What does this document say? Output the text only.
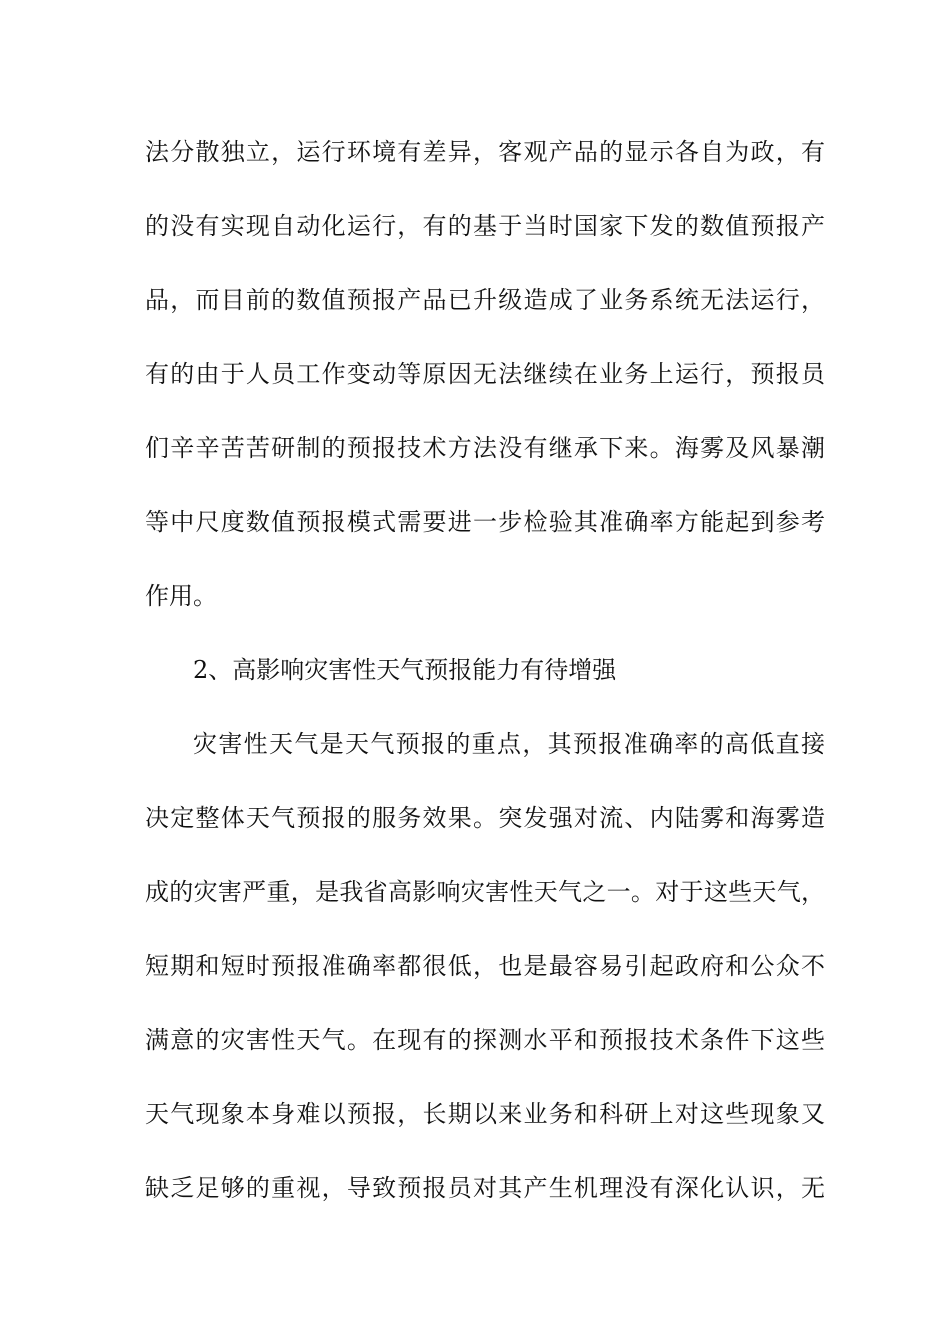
法分散独立，运行环境有差异，客观产品的显示各自为政，有
的没有实现自动化运行，有的基于当时国家下发的数值预报产
品，而目前的数值预报产品已升级造成了业务系统无法运行，
有的由于人员工作变动等原因无法继续在业务上运行，预报员
们辛辛苦苦研制的预报技术方法没有继承下来。海雾及风暴潮
等中尺度数值预报模式需要进一步检验其准确率方能起到参考
作用。
2、高影响灾害性天气预报能力有待增强
灾害性天气是天气预报的重点，其预报准确率的高低直接
决定整体天气预报的服务效果。突发强对流、内陆雾和海雾造
成的灾害严重，是我省高影响灾害性天气之一。对于这些天气，
短期和短时预报准确率都很低，也是最容易引起政府和公众不
满意的灾害性天气。在现有的探测水平和预报技术条件下这些
天气现象本身难以预报，长期以来业务和科研上对这些现象又
缺乏足够的重视，导致预报员对其产生机理没有深化认识，无
